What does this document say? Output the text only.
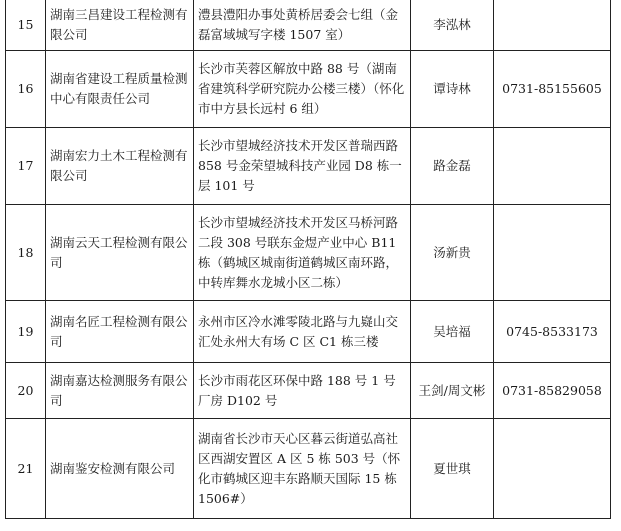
15	湖南三昌建设工程检测有限公司	澧县澧阳办事处黄桥居委会七组（金磊富域城写字楼 1507 室）	李泓林	
16	湖南省建设工程质量检测中心有限责任公司	长沙市芙蓉区解放中路 88 号（湖南省建筑科学研究院办公楼三楼）（怀化市中方县长远村 6 组）	谭诗林	0731-85155605
17	湖南宏力土木工程检测有限公司	长沙市望城经济技术开发区普瑞西路 858 号金荣望城科技产业园 D8 栋一层 101 号	路金磊	
18	湖南云天工程检测有限公司	长沙市望城经济技术开发区马桥河路二段 308 号联东金煜产业中心 B11 栋（鹤城区城南街道鹤城区南环路，中转库舞水龙城小区二栋）	汤新贵	
19	湖南名匠工程检测有限公司	永州市区冷水滩零陵北路与九嶷山交汇处永州大有场 C 区 C1 栋三楼	吴培福	0745-8533173
20	湖南嘉达检测服务有限公司	长沙市雨花区环保中路 188 号 1 号厂房 D102 号	王剑/周文彬	0731-85829058
21	湖南鉴安检测有限公司	湖南省长沙市天心区暮云街道弘高社区西湖安置区 A 区 5 栋 503 号（怀化市鹤城区迎丰东路顺天国际 15 栋 1506#）	夏世琪	
